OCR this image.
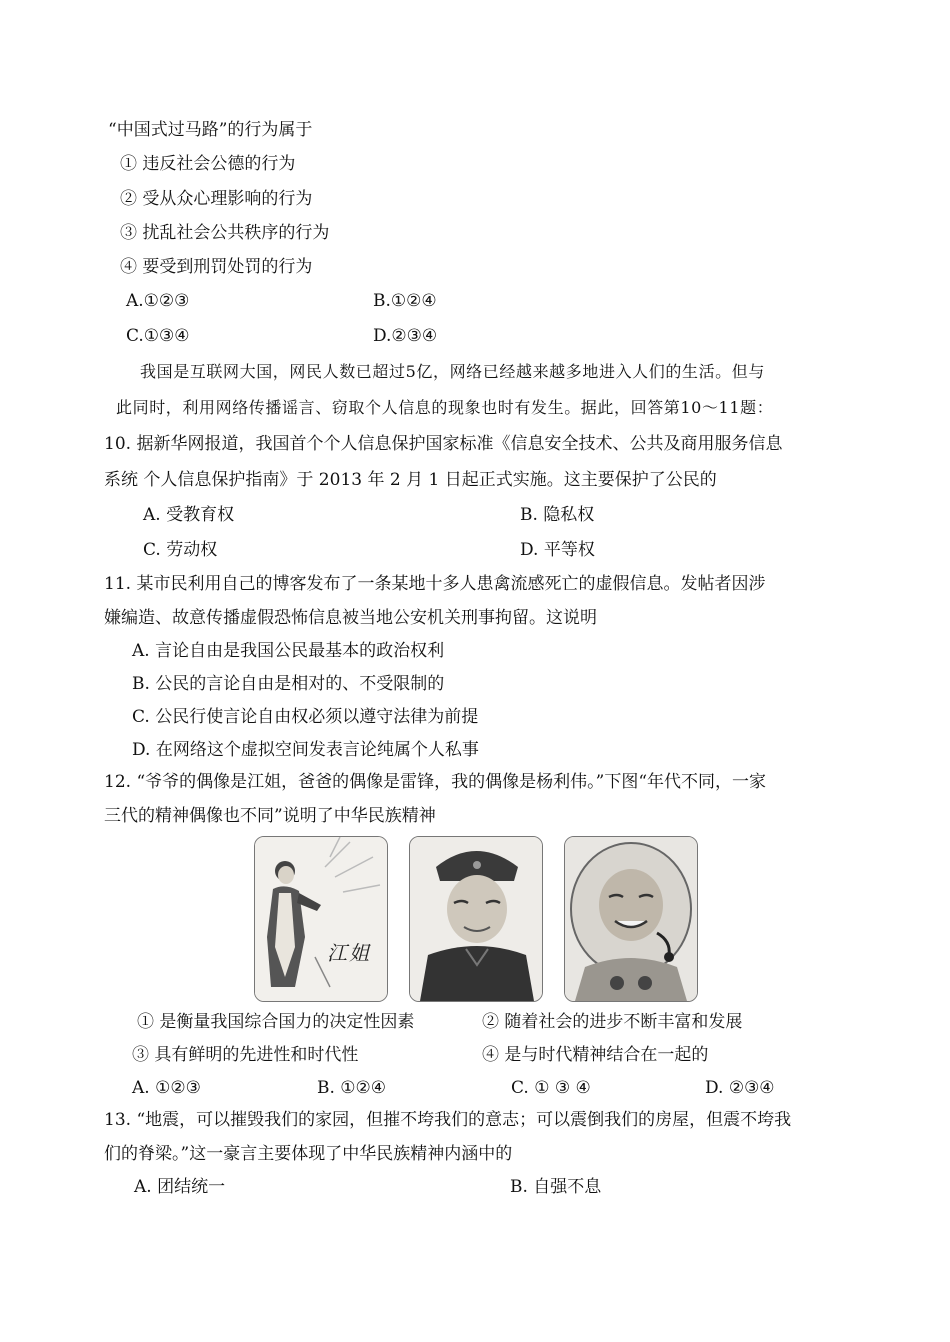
“中国式过马路”的行为属于
① 违反社会公德的行为
② 受从众心理影响的行为
③ 扰乱社会公共秩序的行为
④ 要受到刑罚处罚的行为
A.①②③	B.①②④
C.①③④	D.②③④
我国是互联网大国，网民人数已超过5亿，网络已经越来越多地进入人们的生活。但与
此同时，利用网络传播谣言、窃取个人信息的现象也时有发生。据此，回答第10～11题：
10. 据新华网报道，我国首个个人信息保护国家标准《信息安全技术、公共及商用服务信息
系统 个人信息保护指南》于 2013 年 2 月 1 日起正式实施。这主要保护了公民的
A. 受教育权	B. 隐私权
C. 劳动权	D. 平等权
11. 某市民利用自己的博客发布了一条某地十多人患禽流感死亡的虚假信息。发帖者因涉
嫌编造、故意传播虚假恐怖信息被当地公安机关刑事拘留。这说明
A. 言论自由是我国公民最基本的政治权利
B. 公民的言论自由是相对的、不受限制的
C. 公民行使言论自由权必须以遵守法律为前提
D. 在网络这个虚拟空间发表言论纯属个人私事
12. “爷爷的偶像是江姐，爸爸的偶像是雷锋，我的偶像是杨利伟。”下图“年代不同，一家
三代的精神偶像也不同”说明了中华民族精神
江姐
① 是衡量我国综合国力的决定性因素	② 随着社会的进步不断丰富和发展
③ 具有鲜明的先进性和时代性	④ 是与时代精神结合在一起的
A. ①②③	B. ①②④	C. ① ③ ④	D. ②③④
13. “地震，可以摧毁我们的家园，但摧不垮我们的意志；可以震倒我们的房屋，但震不垮我
们的脊梁。”这一豪言主要体现了中华民族精神内涵中的
A. 团结统一	B. 自强不息
